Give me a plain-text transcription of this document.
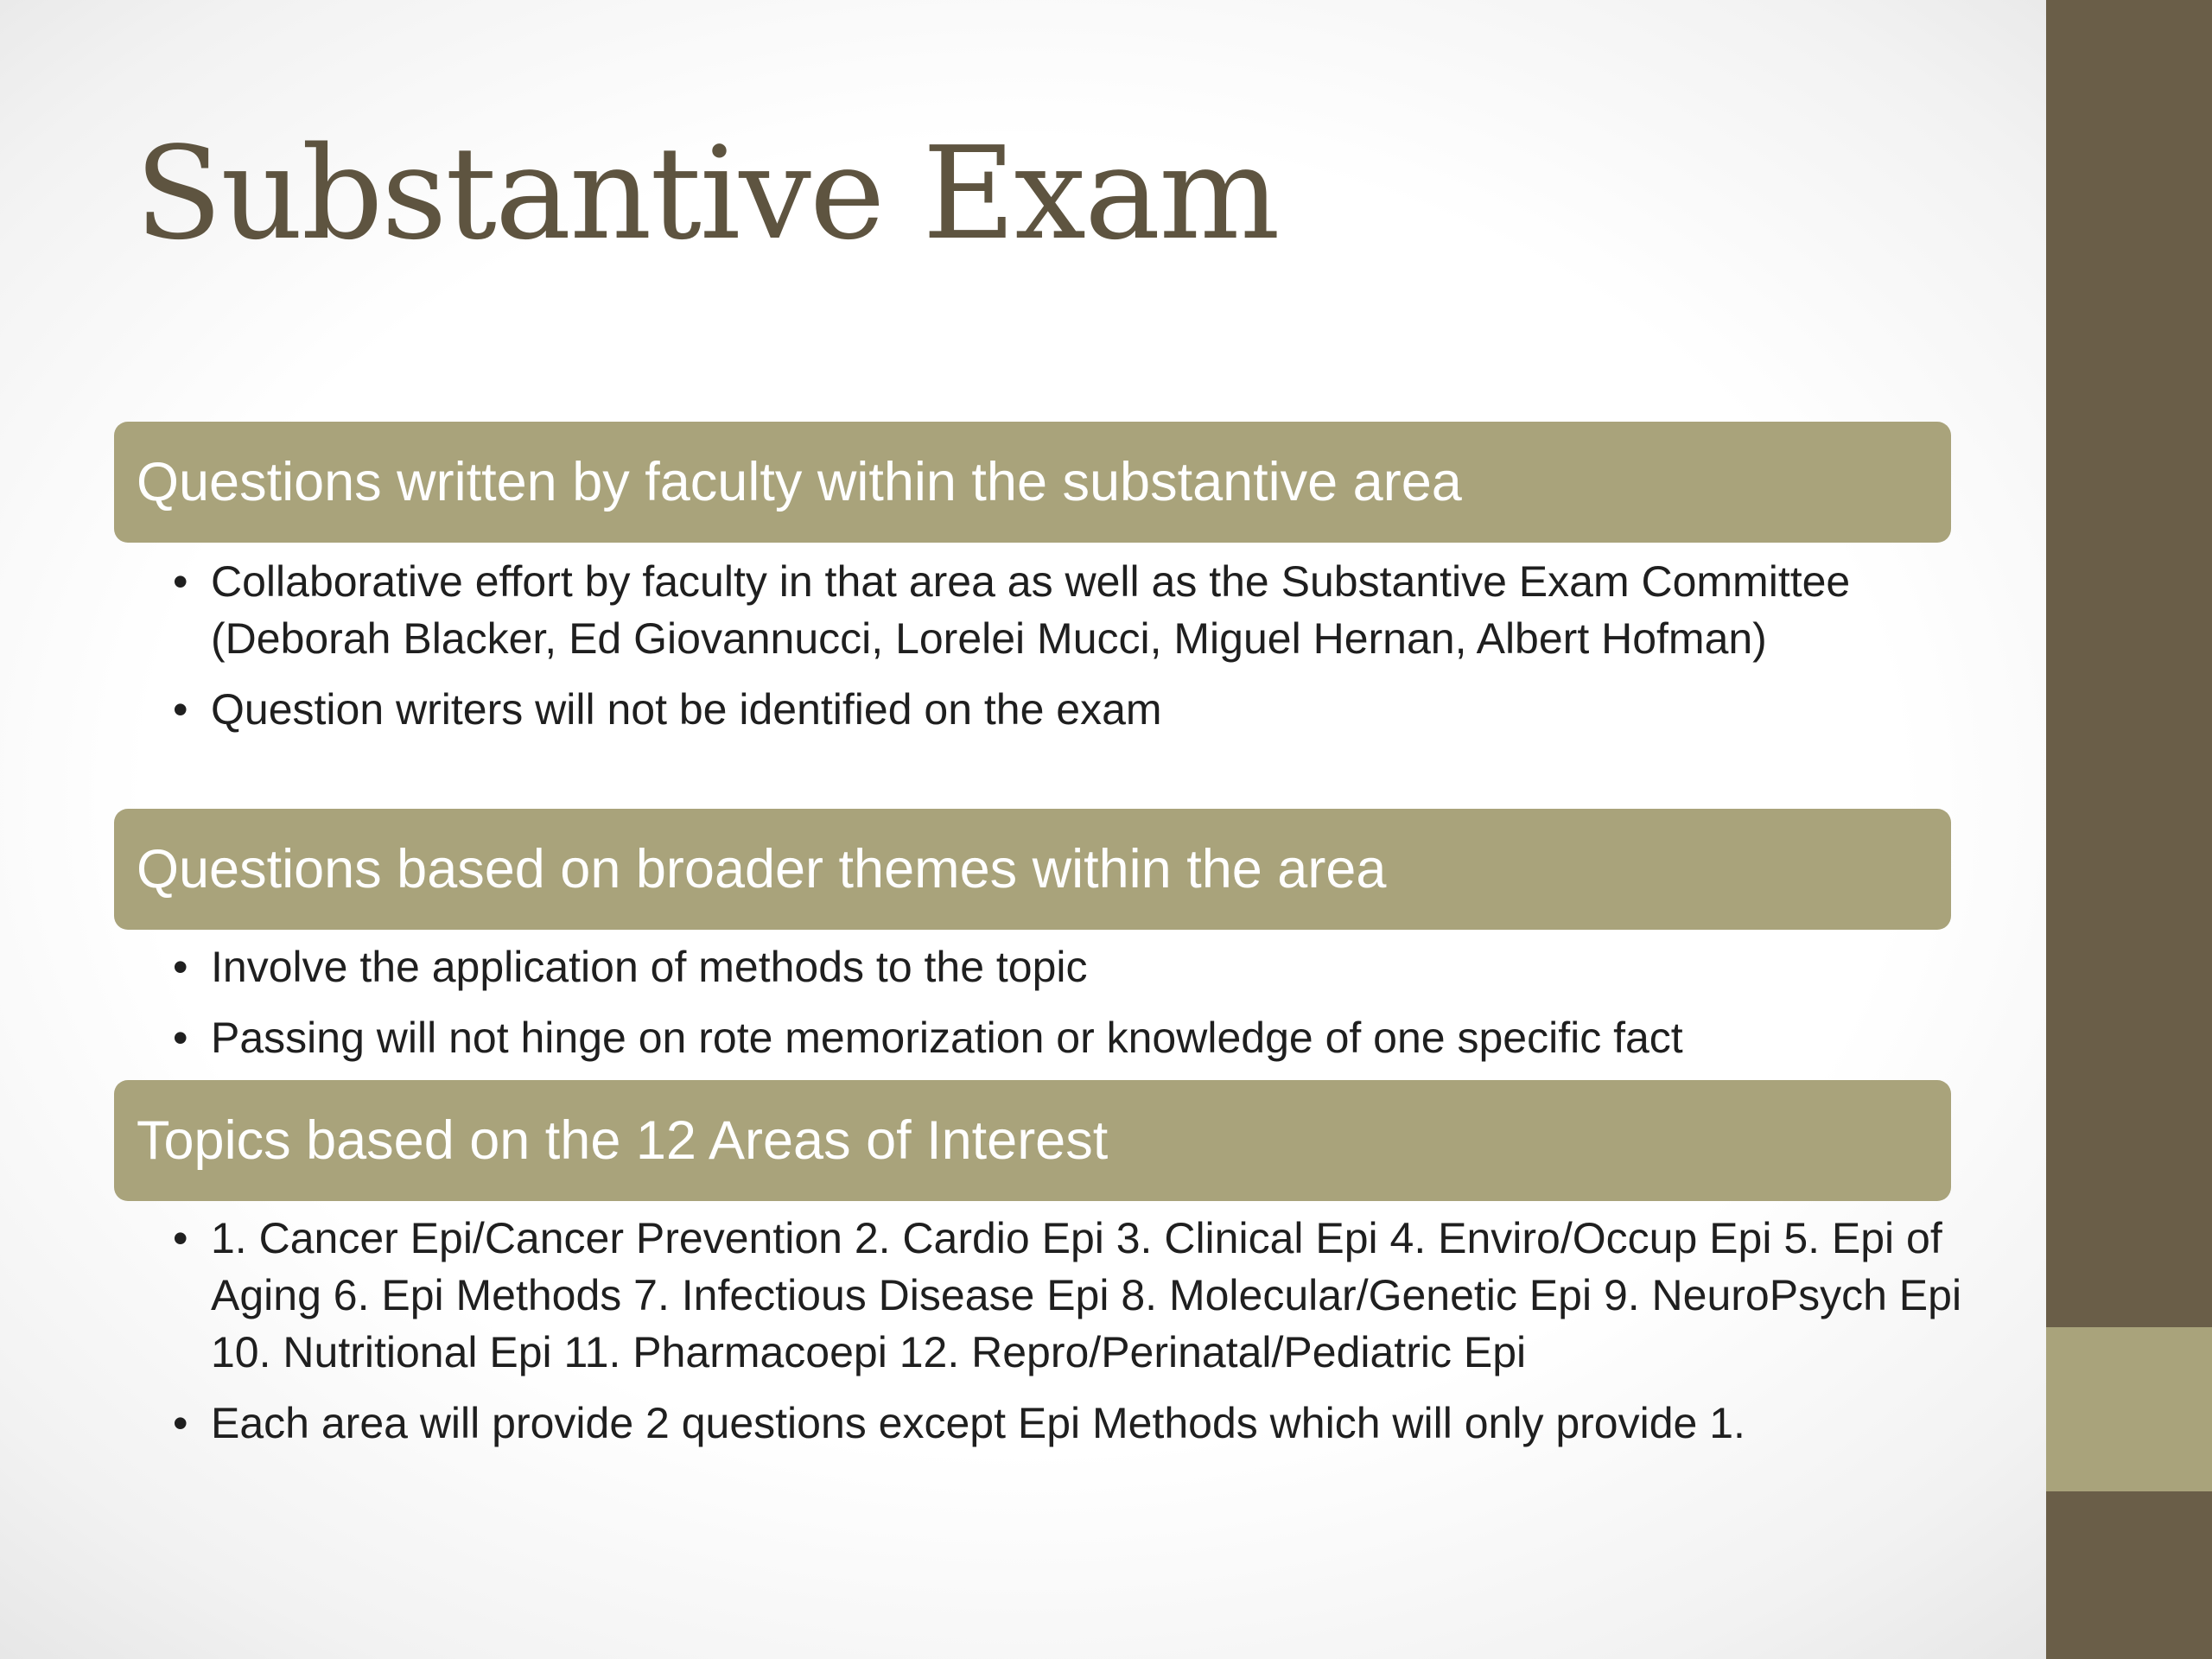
Substantive Exam
Questions written by faculty within the substantive area
• Collaborative effort by faculty in that area as well as the Substantive Exam Committee (Deborah Blacker, Ed Giovannucci, Lorelei Mucci, Miguel Hernan, Albert Hofman)
• Question writers will not be identified on the exam
Questions based on broader themes within the area
• Involve the application of methods to the topic
• Passing will not hinge on rote memorization or knowledge of one specific fact
Topics based on the 12 Areas of Interest
• 1. Cancer Epi/Cancer Prevention 2. Cardio Epi 3. Clinical Epi 4. Enviro/Occup Epi 5. Epi of Aging 6. Epi Methods 7. Infectious Disease Epi 8. Molecular/Genetic Epi 9. NeuroPsych Epi 10. Nutritional Epi 11. Pharmacoepi 12. Repro/Perinatal/Pediatric Epi
• Each area will provide 2 questions except Epi Methods which will only provide 1.
